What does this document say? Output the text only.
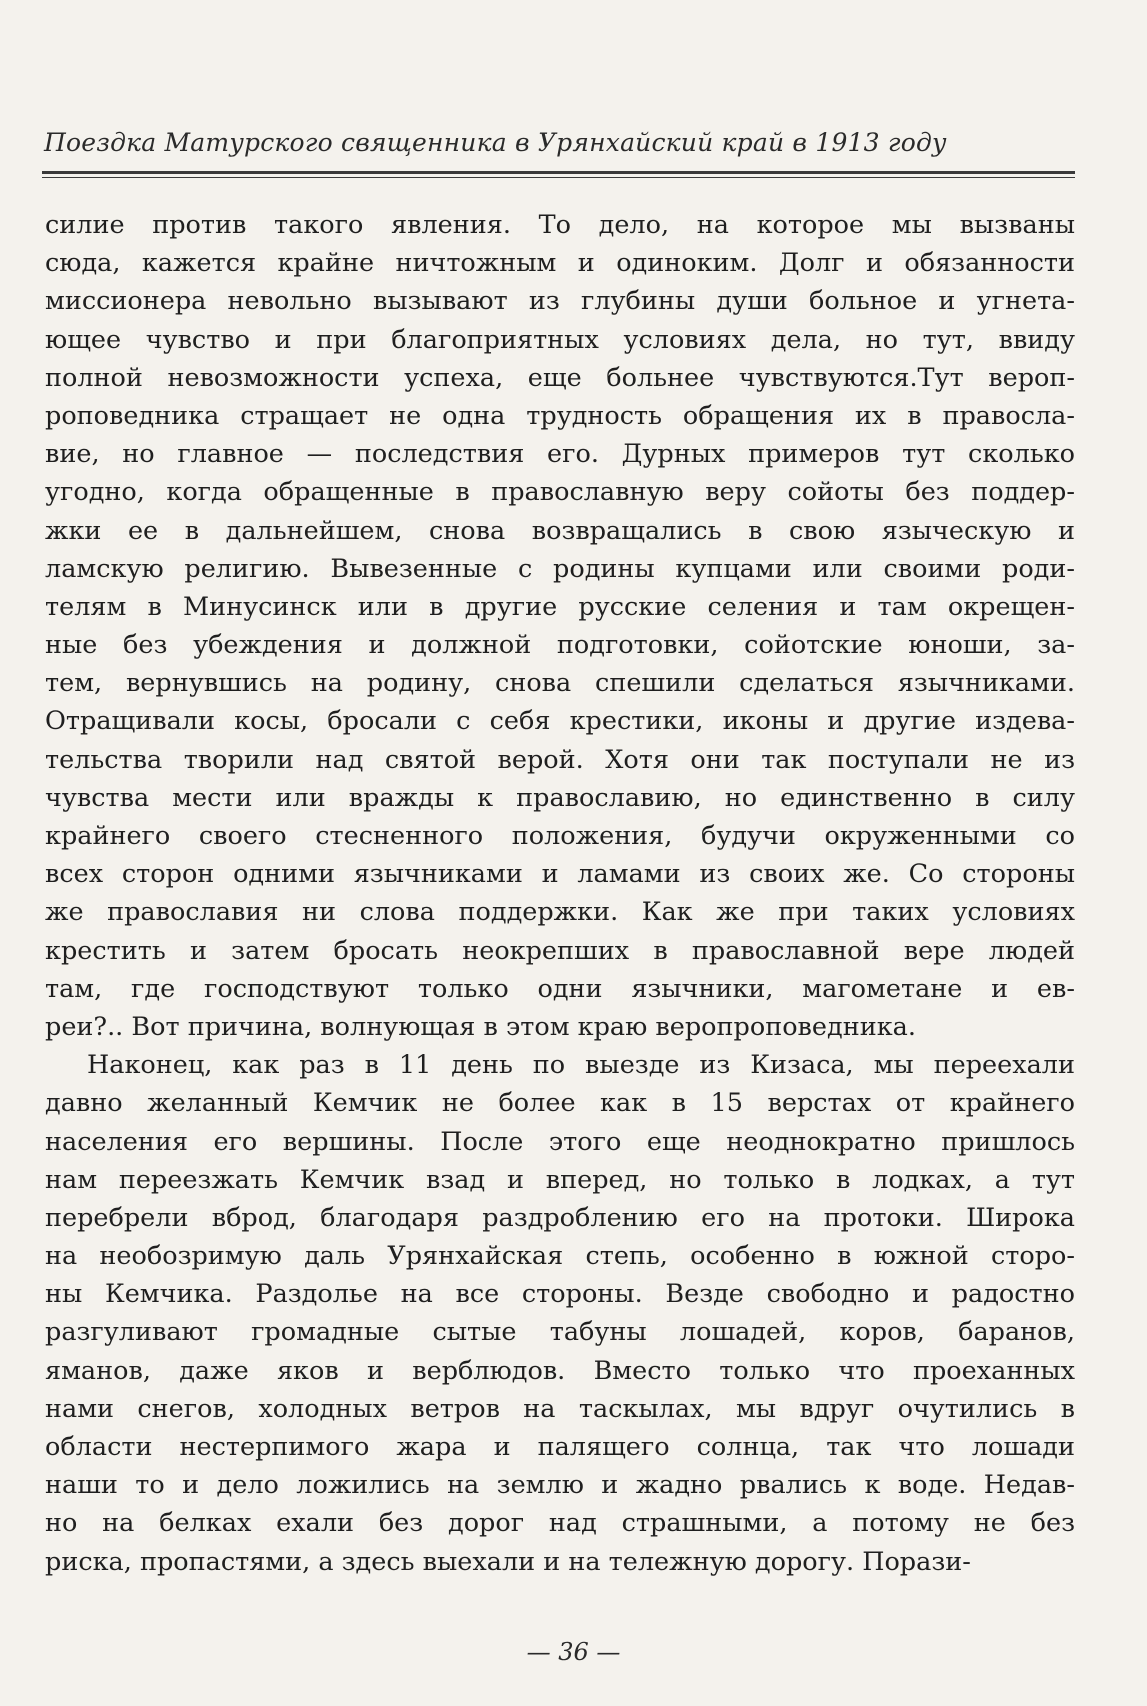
Поездка Матурского священника в Урянхайский край в 1913 году
силие против такого явления. То дело, на которое мы вызваны
сюда, кажется крайне ничтожным и одиноким. Долг и обязанности
миссионера невольно вызывают из глубины души больное и угнета-
ющее чувство и при благоприятных условиях дела, но тут, ввиду
полной невозможности успеха, еще больнее чувствуются.Тут вероп-
роповедника стращает не одна трудность обращения их в правосла-
вие, но главное — последствия его. Дурных примеров тут сколько
угодно, когда обращенные в православную веру сойоты без поддер-
жки ее в дальнейшем, снова возвращались в свою языческую и
ламскую религию. Вывезенные с родины купцами или своими роди-
телям в Минусинск или в другие русские селения и там окрещен-
ные без убеждения и должной подготовки, сойотские юноши, за-
тем, вернувшись на родину, снова спешили сделаться язычниками.
Отращивали косы, бросали с себя крестики, иконы и другие издева-
тельства творили над святой верой. Хотя они так поступали не из
чувства мести или вражды к православию, но единственно в силу
крайнего своего стесненного положения, будучи окруженными со
всех сторон одними язычниками и ламами из своих же. Со стороны
же православия ни слова поддержки. Как же при таких условиях
крестить и затем бросать неокрепших в православной вере людей
там, где господствуют только одни язычники, магометане и ев-
реи?.. Вот причина, волнующая в этом краю веропроповедника.
Наконец, как раз в 11 день по выезде из Кизаса, мы переехали
давно желанный Кемчик не более как в 15 верстах от крайнего
населения его вершины. После этого еще неоднократно пришлось
нам переезжать Кемчик взад и вперед, но только в лодках, а тут
перебрели вброд, благодаря раздроблению его на протоки. Широка
на необозримую даль Урянхайская степь, особенно в южной сторо-
ны Кемчика. Раздолье на все стороны. Везде свободно и радостно
разгуливают громадные сытые табуны лошадей, коров, баранов,
яманов, даже яков и верблюдов. Вместо только что проеханных
нами снегов, холодных ветров на таскылах, мы вдруг очутились в
области нестерпимого жара и палящего солнца, так что лошади
наши то и дело ложились на землю и жадно рвались к воде. Недав-
но на белках ехали без дорог над страшными, а потому не без
риска, пропастями, а здесь выехали и на тележную дорогу. Порази-
— 36 —
